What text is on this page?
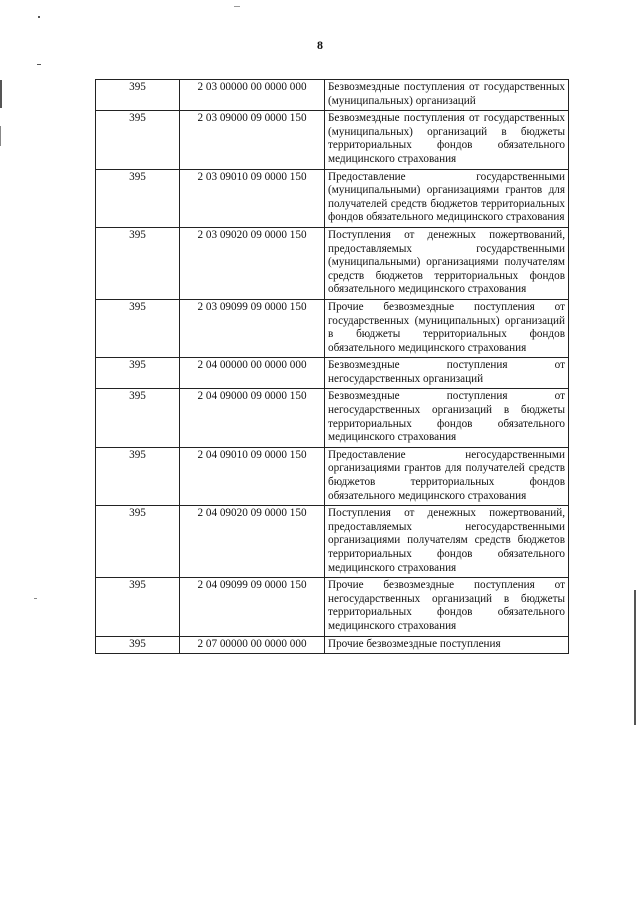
8
395	2 03 00000 00 0000 000	Безвозмездные поступления от государственных (муниципальных) организаций
395	2 03 09000 09 0000 150	Безвозмездные поступления от государственных (муниципальных) организаций в бюджеты территориальных фондов обязательного медицинского страхования
395	2 03 09010 09 0000 150	Предоставление государственными (муниципальными) организациями грантов для получателей средств бюджетов территориальных фондов обязательного медицинского страхования
395	2 03 09020 09 0000 150	Поступления от денежных пожертвований, предоставляемых государственными (муниципальными) организациями получателям средств бюджетов территориальных фондов обязательного медицинского страхования
395	2 03 09099 09 0000 150	Прочие безвозмездные поступления от государственных (муниципальных) организаций в бюджеты территориальных фондов обязательного медицинского страхования
395	2 04 00000 00 0000 000	Безвозмездные поступления от негосударственных организаций
395	2 04 09000 09 0000 150	Безвозмездные поступления от негосударственных организаций в бюджеты территориальных фондов обязательного медицинского страхования
395	2 04 09010 09 0000 150	Предоставление негосударственными организациями грантов для получателей средств бюджетов территориальных фондов обязательного медицинского страхования
395	2 04 09020 09 0000 150	Поступления от денежных пожертвований, предоставляемых негосударственными организациями получателям средств бюджетов территориальных фондов обязательного медицинского страхования
395	2 04 09099 09 0000 150	Прочие безвозмездные поступления от негосударственных организаций в бюджеты территориальных фондов обязательного медицинского страхования
395	2 07 00000 00 0000 000	Прочие безвозмездные поступления
